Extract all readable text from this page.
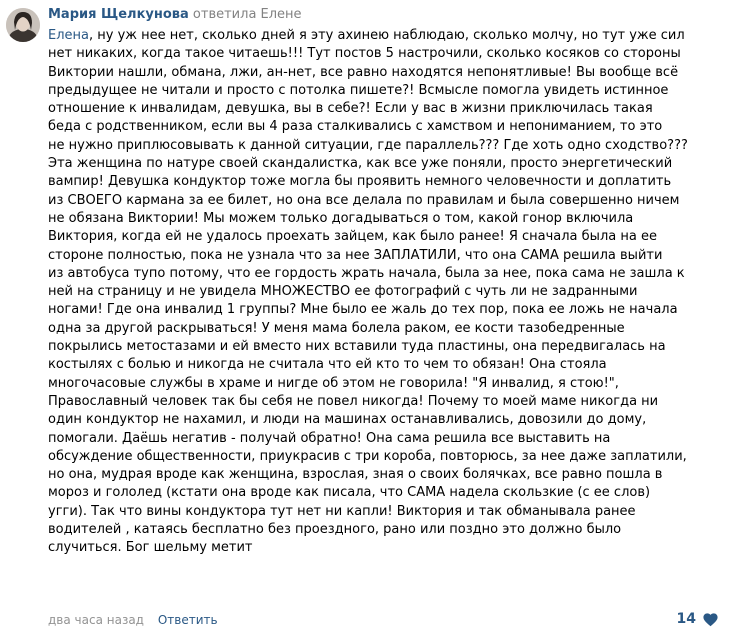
Мария Щелкунова ответила Елене
Елена, ну уж нее нет, сколько дней я эту ахинею наблюдаю, сколько молчу, но тут уже сил
нет никаких, когда такое читаешь!!! Тут постов 5 настрочили, сколько косяков со стороны
Виктории нашли, обмана, лжи, ан-нет, все равно находятся непонятливые! Вы вообще всё
предыдущее не читали и просто с потолка пишете?! Всмысле помогла увидеть истинное
отношение к инвалидам, девушка, вы в себе?! Если у вас в жизни приключилась такая
беда с родственником, если вы 4 раза сталкивались с хамством и непониманием, то это
не нужно приплюсовывать к данной ситуации, где параллель??? Где хоть одно сходство???
Эта женщина по натуре своей скандалистка, как все уже поняли, просто энергетический
вампир! Девушка кондуктор тоже могла бы проявить немного человечности и доплатить
из СВОЕГО кармана за ее билет, но она все делала по правилам и была совершенно ничем
не обязана Виктории! Мы можем только догадываться о том, какой гонор включила
Виктория, когда ей не удалось проехать зайцем, как было ранее! Я сначала была на ее
стороне полностью, пока не узнала что за нее ЗАПЛАТИЛИ, что она САМА решила выйти
из автобуса тупо потому, что ее гордость жрать начала, была за нее, пока сама не зашла к
ней на страницу и не увидела МНОЖЕСТВО ее фотографий с чуть ли не задранными
ногами! Где она инвалид 1 группы? Мне было ее жаль до тех пор, пока ее ложь не начала
одна за другой раскрываться! У меня мама болела раком, ее кости тазобедренные
покрылись метостазами и ей вместо них вставили туда пластины, она передвигалась на
костылях с болью и никогда не считала что ей кто то чем то обязан! Она стояла
многочасовые службы в храме и нигде об этом не говорила! "Я инвалид, я стою!",
Православный человек так бы себя не повел никогда! Почему то моей маме никогда ни
один кондуктор не нахамил, и люди на машинах останавливались, довозили до дому,
помогали. Даёшь негатив - получай обратно! Она сама решила все выставить на
обсуждение общественности, приукрасив с три короба, повторюсь, за нее даже заплатили,
но она, мудрая вроде как женщина, взрослая, зная о своих болячках, все равно пошла в
мороз и гололед (кстати она вроде как писала, что САМА надела скользкие (с ее слов)
угги). Так что вины кондуктора тут нет ни капли! Виктория и так обманывала ранее
водителей , катаясь бесплатно без проездного, рано или поздно это должно было
случиться. Бог шельму метит
два часа назад Ответить	14
